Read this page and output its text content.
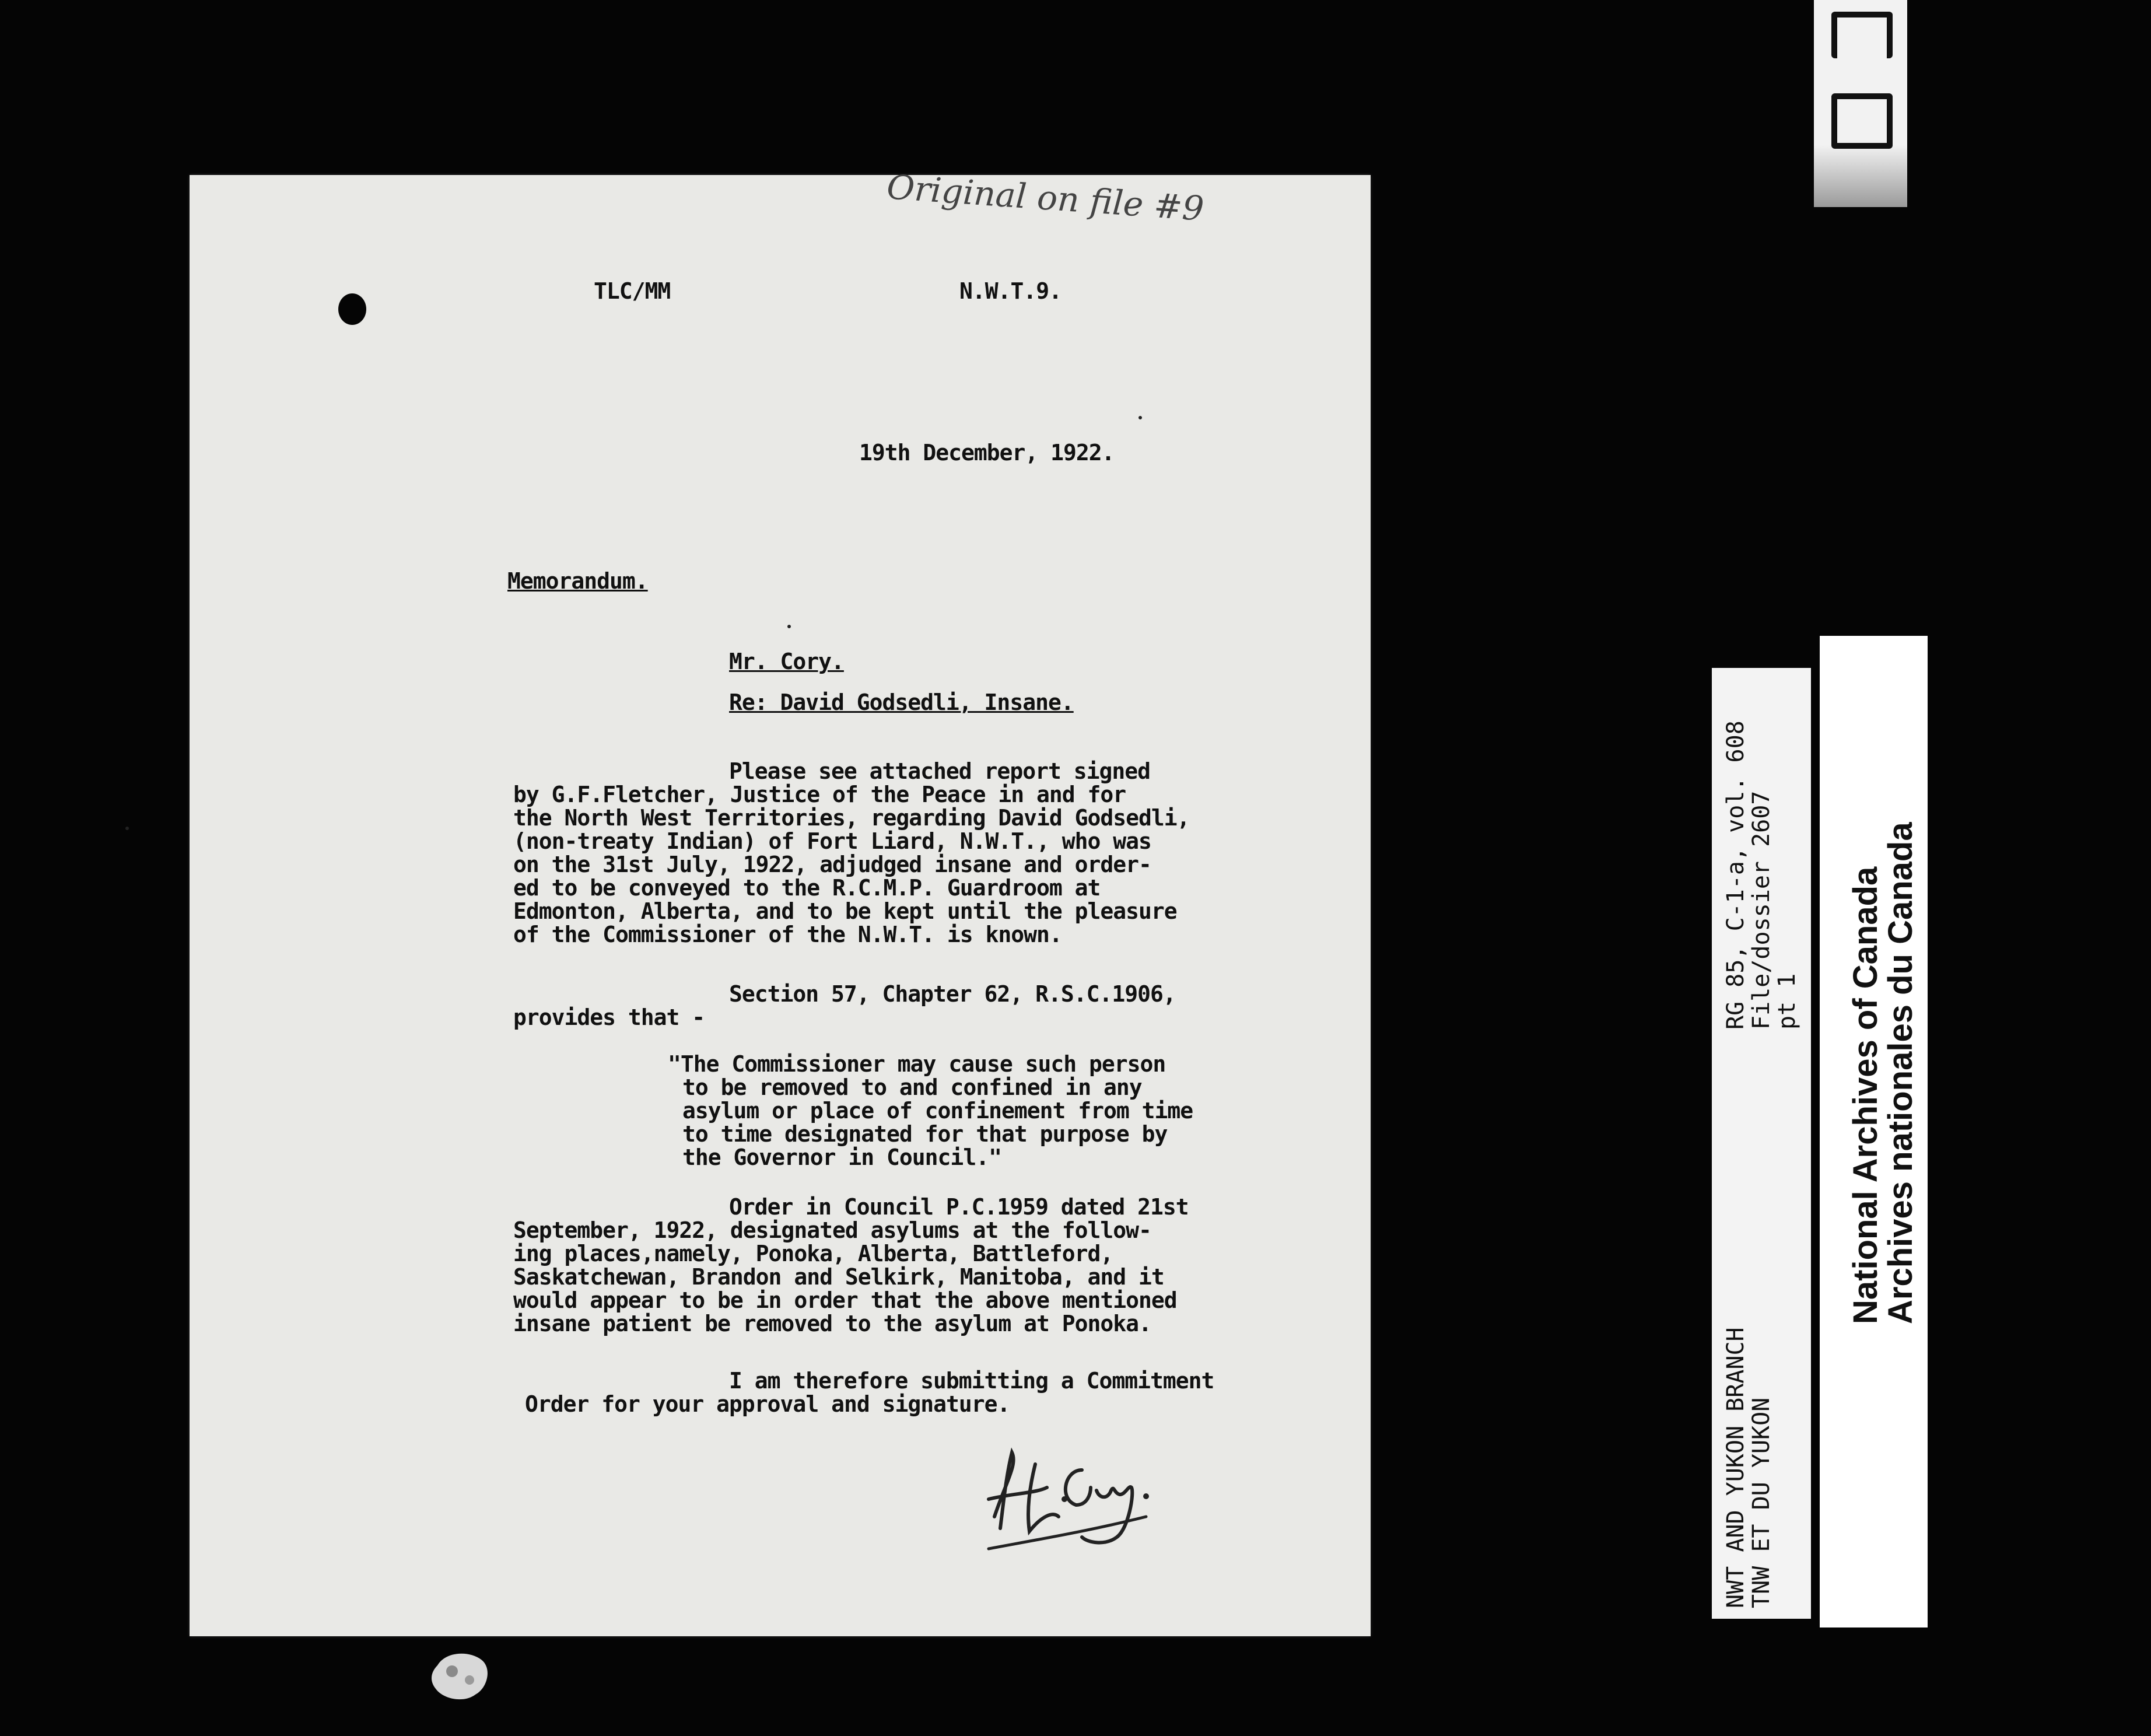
Original on file #9
TLC/MM	N.W.T.9.
19th December, 1922.
Memorandum.
Mr. Cory.
Re: David Godsedli, Insane.

Please see attached report signed

by G.F.Fletcher, Justice of the Peace in and for

the North West Territories, regarding David Godsedli,

(non-treaty Indian) of Fort Liard, N.W.T., who was

on the 31st July, 1922, adjudged insane and order-

ed to be conveyed to the R.C.M.P. Guardroom at

Edmonton, Alberta, and to be kept until the pleasure

of the Commissioner of the N.W.T. is known.

Section 57, Chapter 62, R.S.C.1906,

provides that -

"The Commissioner may cause such person

to be removed to and confined in any

asylum or place of confinement from time

to time designated for that purpose by

the Governor in Council."

Order in Council P.C.1959 dated 21st

September, 1922, designated asylums at the follow-

ing places,namely, Ponoka, Alberta, Battleford,

Saskatchewan, Brandon and Selkirk, Manitoba, and it

would appear to be in order that the above mentioned

insane patient be removed to the asylum at Ponoka.

I am therefore submitting a Commitment

Order for your approval and signature.

	NWT AND YUKON BRANCH
TNW ET DU YUKON
RG 85, C-1-a, vol. 608
File/dossier 2607
pt 1 National Archives of Canada
Archives nationales du Canada
